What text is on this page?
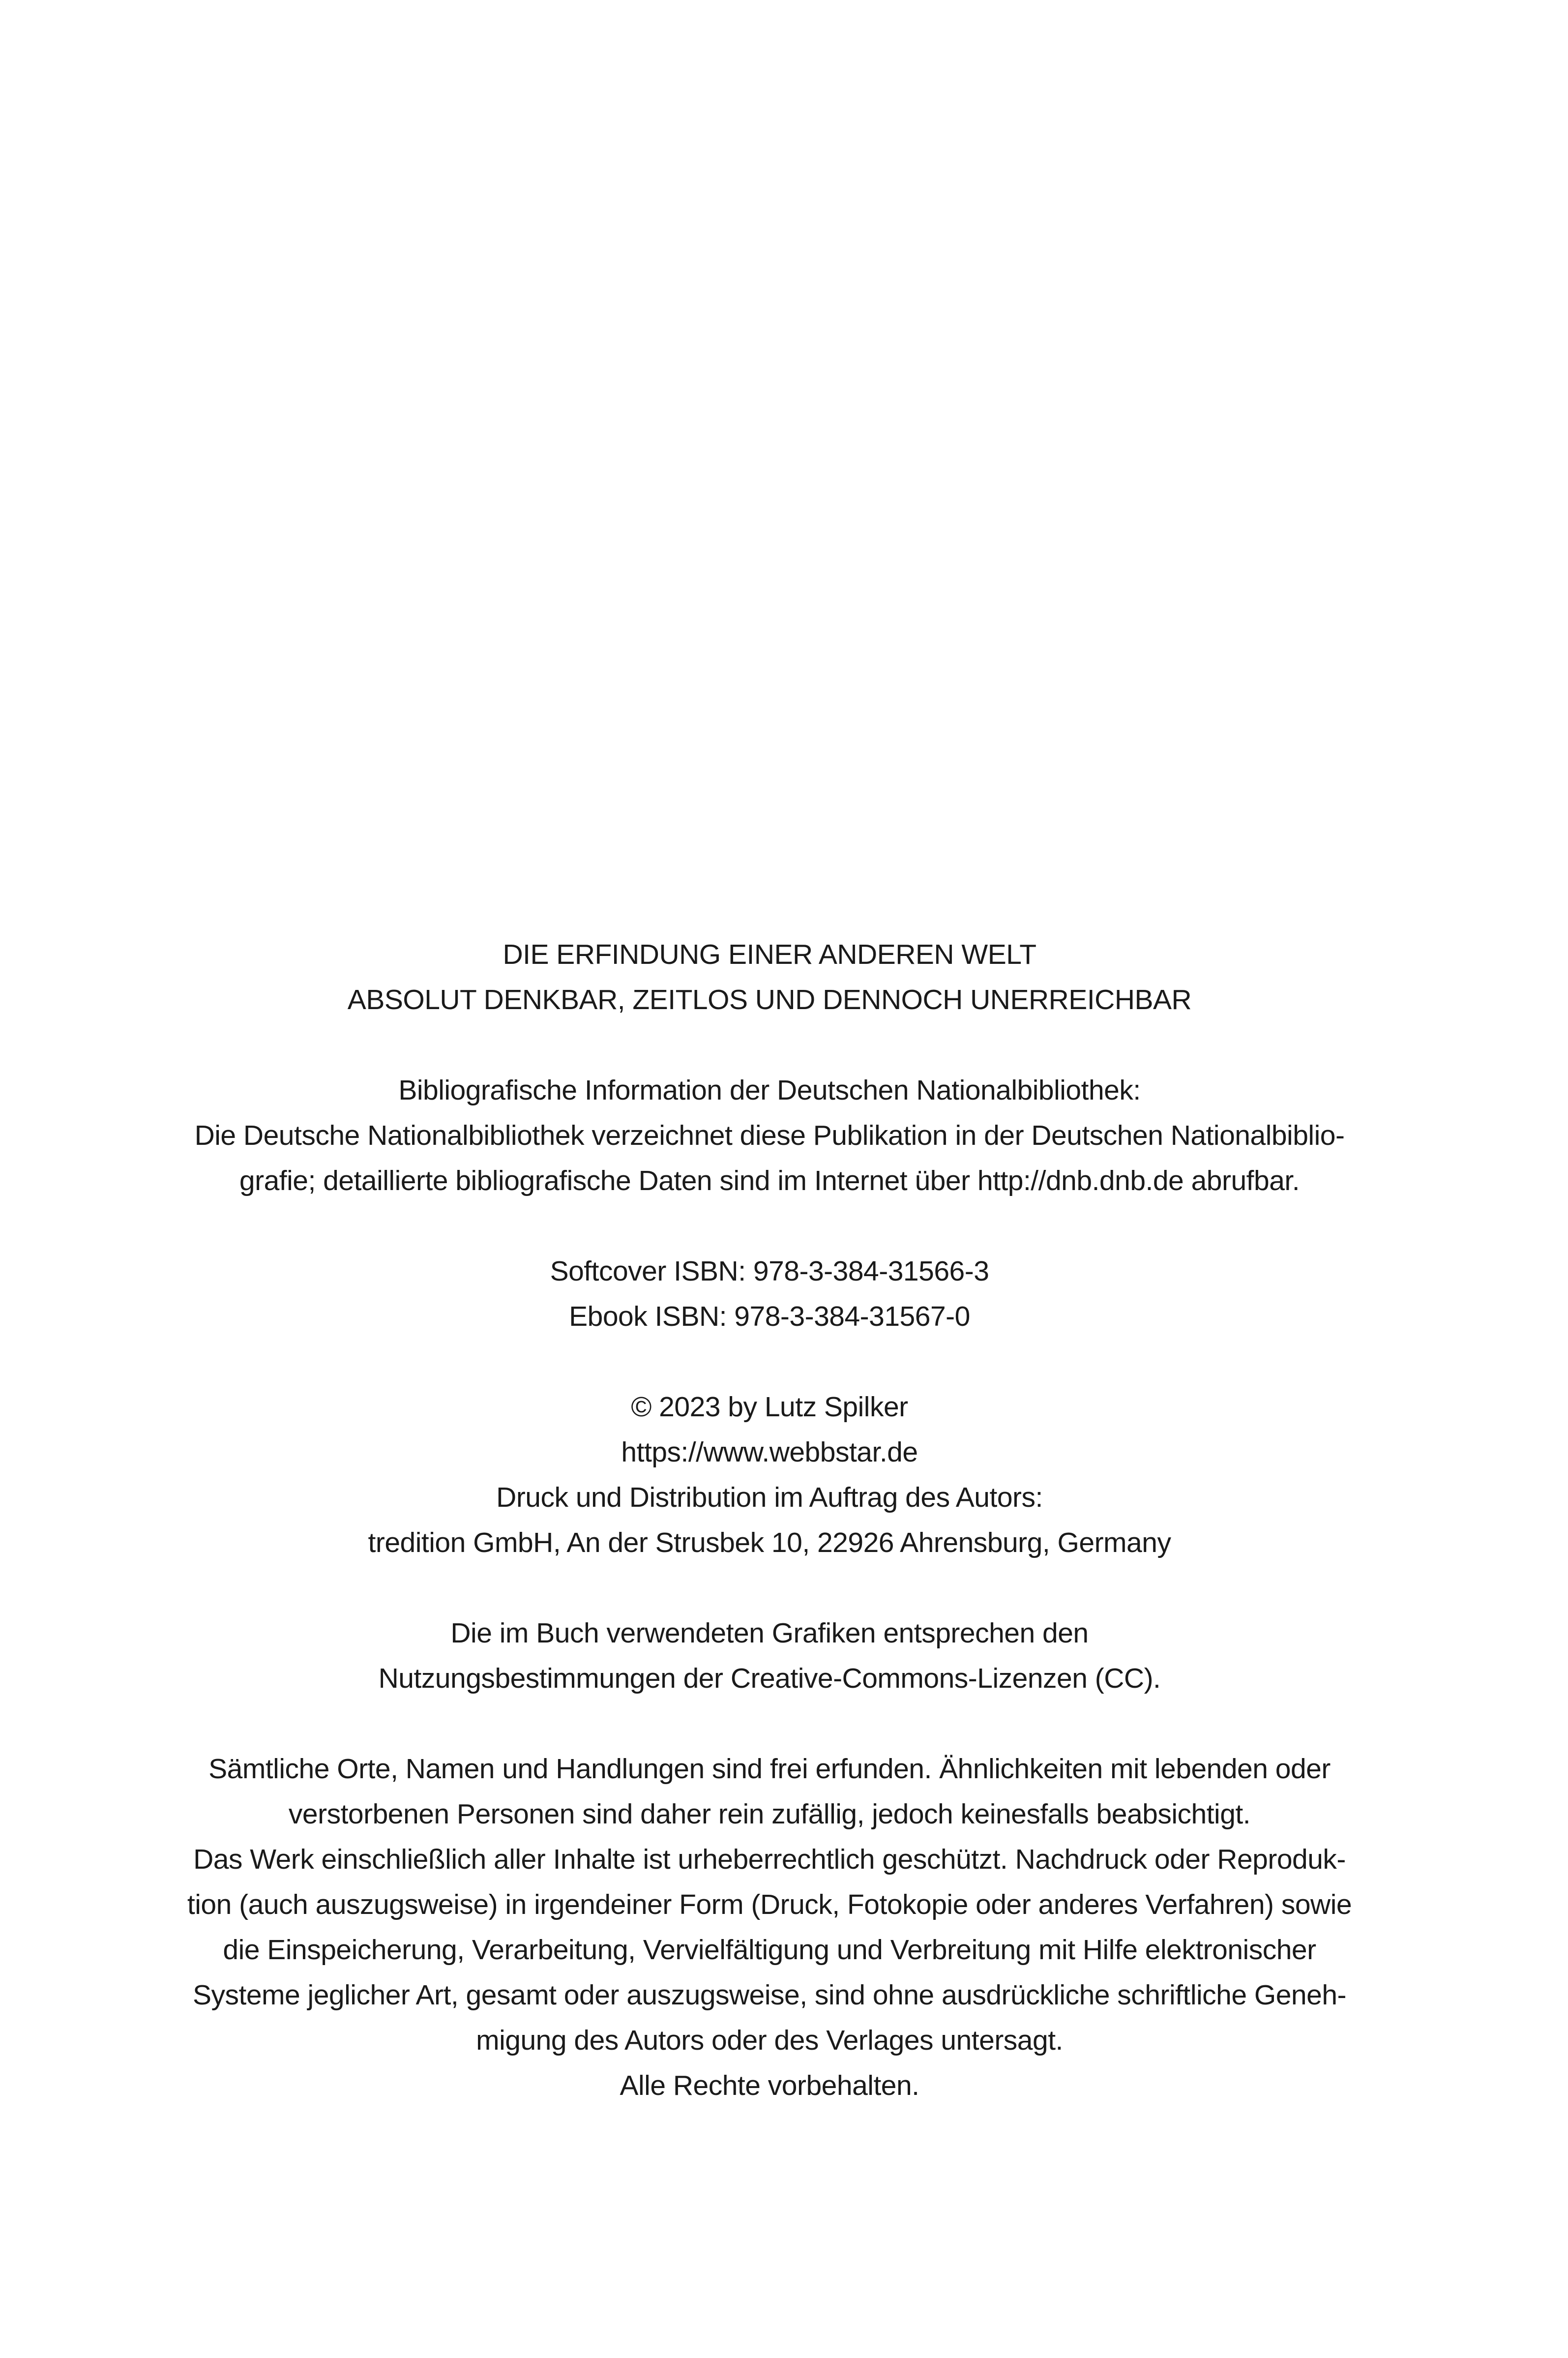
DIE ERFINDUNG EINER ANDEREN WELT
ABSOLUT DENKBAR, ZEITLOS UND DENNOCH UNERREICHBAR
Bibliografische Information der Deutschen Nationalbibliothek:
Die Deutsche Nationalbibliothek verzeichnet diese Publikation in der Deutschen Nationalbiblio-
grafie; detaillierte bibliografische Daten sind im Internet über http://dnb.dnb.de abrufbar.
Softcover ISBN: 978-3-384-31566-3
Ebook ISBN: 978-3-384-31567-0
© 2023 by Lutz Spilker
https://www.webbstar.de
Druck und Distribution im Auftrag des Autors:
tredition GmbH, An der Strusbek 10, 22926 Ahrensburg, Germany
Die im Buch verwendeten Grafiken entsprechen den
Nutzungsbestimmungen der Creative-Commons-Lizenzen (CC).
Sämtliche Orte, Namen und Handlungen sind frei erfunden. Ähnlichkeiten mit lebenden oder
verstorbenen Personen sind daher rein zufällig, jedoch keinesfalls beabsichtigt.
Das Werk einschließlich aller Inhalte ist urheberrechtlich geschützt. Nachdruck oder Reproduk-
tion (auch auszugsweise) in irgendeiner Form (Druck, Fotokopie oder anderes Verfahren) sowie
die Einspeicherung, Verarbeitung, Vervielfältigung und Verbreitung mit Hilfe elektronischer
Systeme jeglicher Art, gesamt oder auszugsweise, sind ohne ausdrückliche schriftliche Geneh-
migung des Autors oder des Verlages untersagt.
Alle Rechte vorbehalten.
